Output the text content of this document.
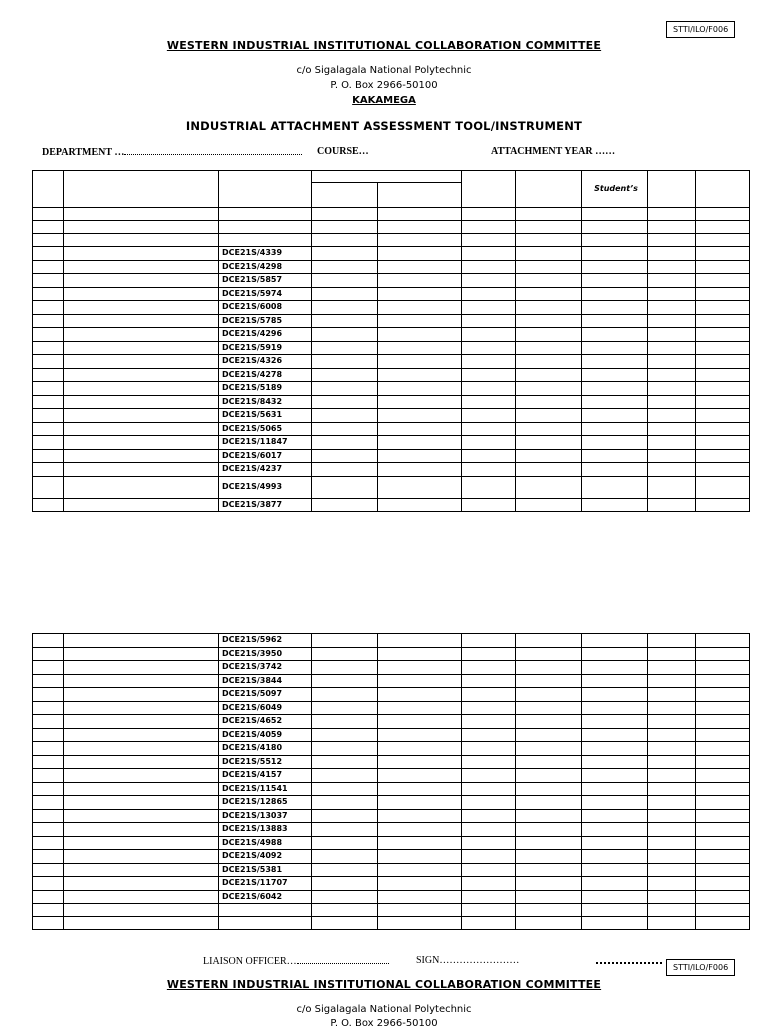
STTI/ILO/F006
WESTERN INDUSTRIAL INSTITUTIONAL COLLABORATION COMMITTEE
c/o Sigalagala National Polytechnic
P. O. Box 2966-50100
KAKAMEGA
INDUSTRIAL ATTACHMENT ASSESSMENT TOOL/INSTRUMENT
DEPARTMENT …	COURSE…	ATTACHMENT YEAR ……
							Student’s		

		DCE21S/4339							
		DCE21S/4298							
		DCE21S/5857							
		DCE21S/5974							
		DCE21S/6008							
		DCE21S/5785							
		DCE21S/4296							
		DCE21S/5919							
		DCE21S/4326							
		DCE21S/4278							
		DCE21S/5189							
		DCE21S/8432							
		DCE21S/5631							
		DCE21S/5065							
		DCE21S/11847							
		DCE21S/6017							
		DCE21S/4237							
		DCE21S/4993							
		DCE21S/3877							
		DCE21S/5962							
		DCE21S/3950							
		DCE21S/3742							
		DCE21S/3844							
		DCE21S/5097							
		DCE21S/6049							
		DCE21S/4652							
		DCE21S/4059							
		DCE21S/4180							
		DCE21S/5512							
		DCE21S/4157							
		DCE21S/11541							
		DCE21S/12865							
		DCE21S/13037							
		DCE21S/13883							
		DCE21S/4988							
		DCE21S/4092							
		DCE21S/5381							
		DCE21S/11707							
		DCE21S/6042							

LIAISON OFFICER…	SIGN……………………
STTI/ILO/F006
WESTERN INDUSTRIAL INSTITUTIONAL COLLABORATION COMMITTEE
c/o Sigalagala National Polytechnic
P. O. Box 2966-50100
